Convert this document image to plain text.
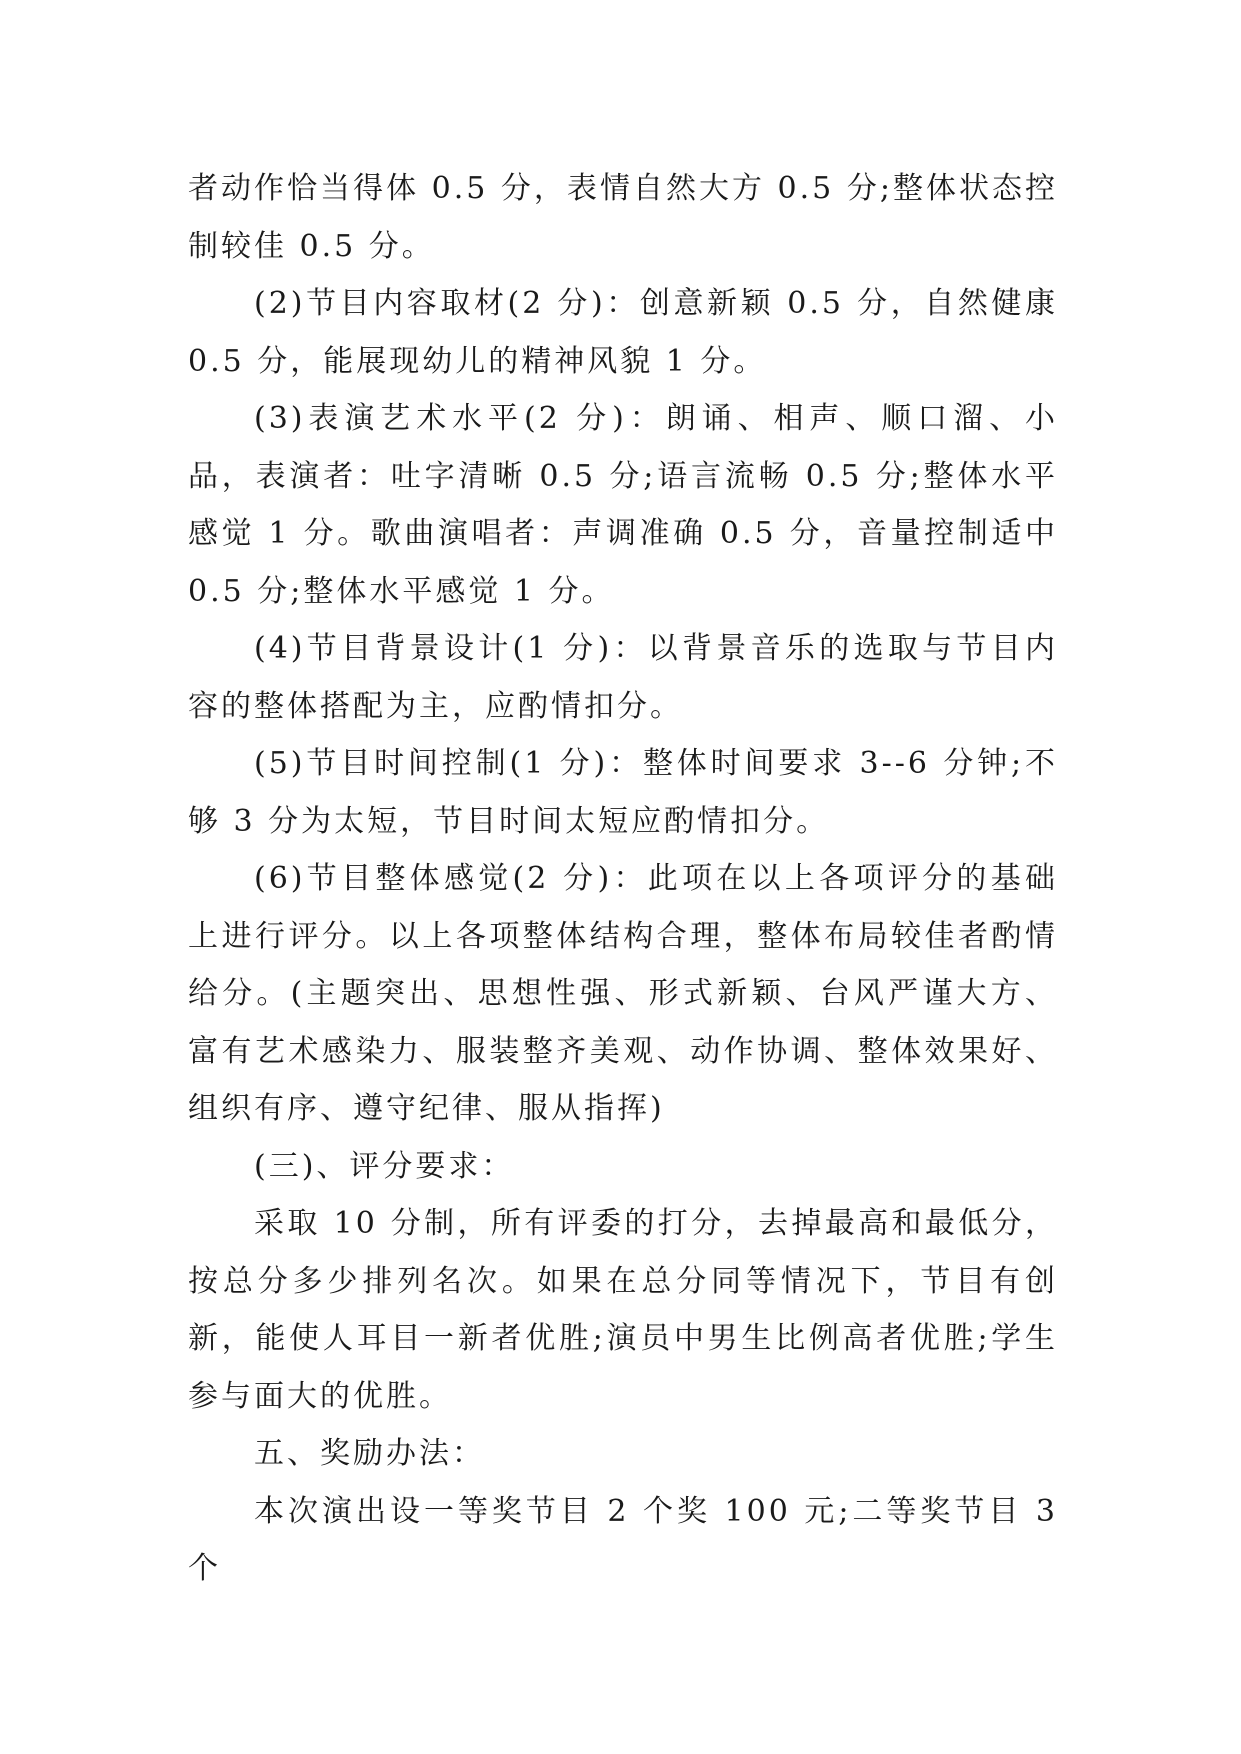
者动作恰当得体 0.5 分，表情自然大方 0.5 分;整体状态控制较佳 0.5 分。

(2)节目内容取材(2 分)：创意新颖 0.5 分，自然健康 0.5 分，能展现幼儿的精神风貌 1 分。

(3)表演艺术水平(2 分)：朗诵、相声、顺口溜、小品，表演者：吐字清晰 0.5 分;语言流畅 0.5 分;整体水平感觉 1 分。歌曲演唱者：声调准确 0.5 分，音量控制适中 0.5 分;整体水平感觉 1 分。

(4)节目背景设计(1 分)：以背景音乐的选取与节目内容的整体搭配为主，应酌情扣分。

(5)节目时间控制(1 分)：整体时间要求 3--6 分钟;不够 3 分为太短，节目时间太短应酌情扣分。

(6)节目整体感觉(2 分)：此项在以上各项评分的基础上进行评分。以上各项整体结构合理，整体布局较佳者酌情给分。(主题突出、思想性强、形式新颖、台风严谨大方、富有艺术感染力、服装整齐美观、动作协调、整体效果好、组织有序、遵守纪律、服从指挥)

(三)、评分要求：

采取 10 分制，所有评委的打分，去掉最高和最低分，按总分多少排列名次。如果在总分同等情况下，节目有创新，能使人耳目一新者优胜;演员中男生比例高者优胜;学生参与面大的优胜。

五、奖励办法：

本次演出设一等奖节目 2 个奖 100 元;二等奖节目 3 个
